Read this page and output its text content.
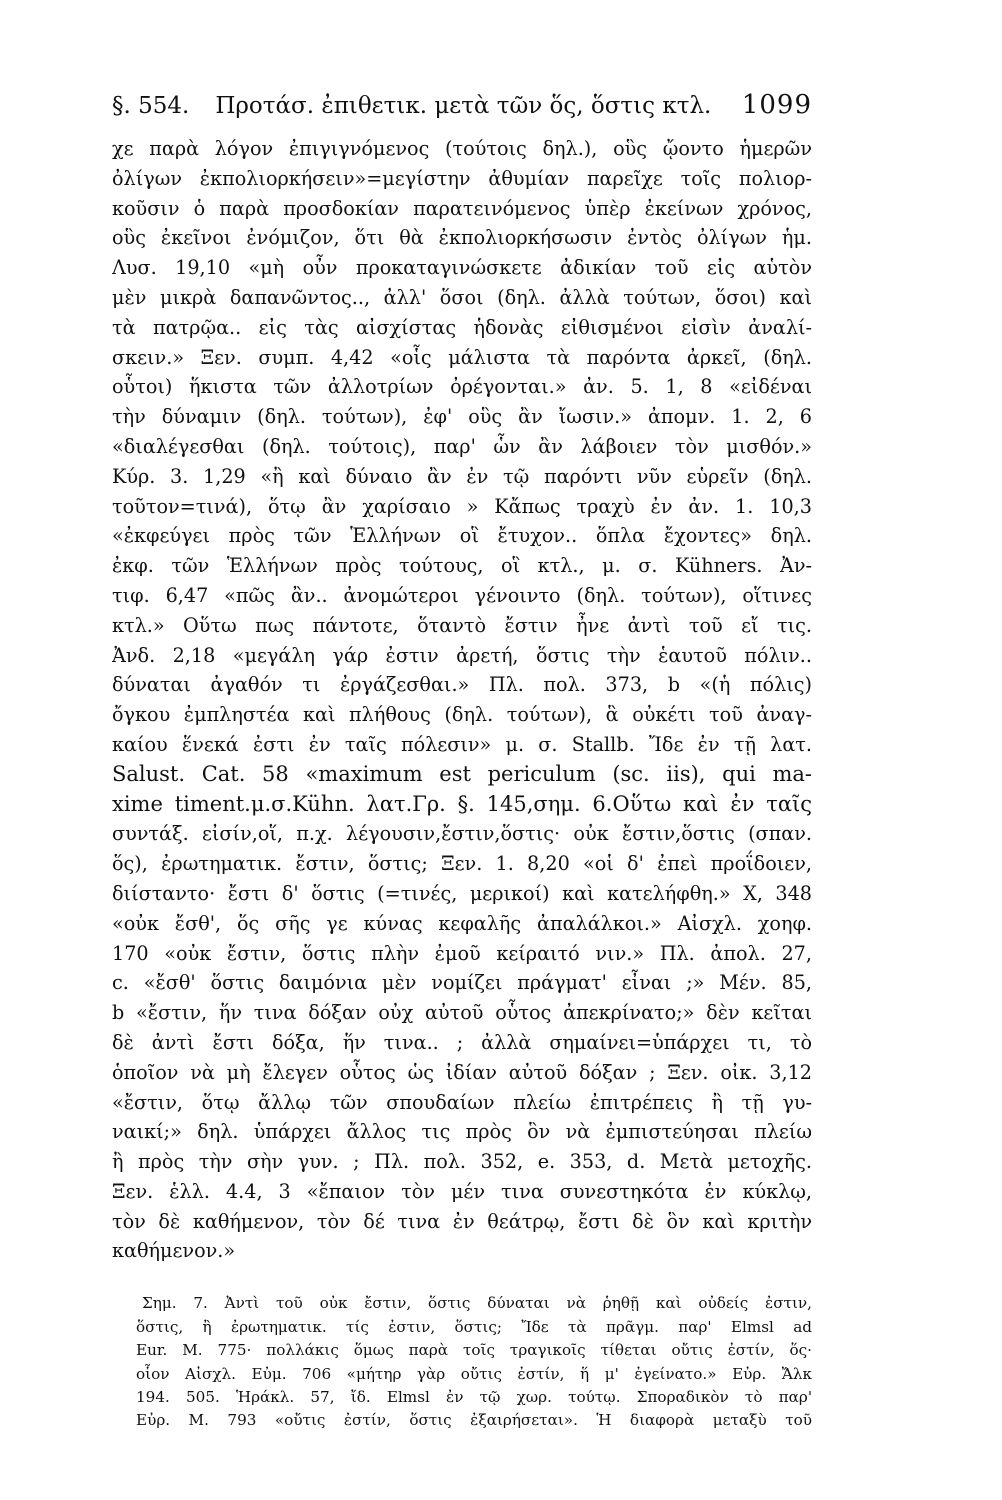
§. 554. Προτάσ. ἐπιθετικ. μετὰ τῶν ὅς, ὅστις κτλ. 1099
χε παρὰ λόγον ἐπιγιγνόμενος (τούτοις δηλ.), οὓς ᾤοντο ἡμερῶν
ὀλίγων ἐκπολιορκήσειν»=μεγίστην ἀθυμίαν παρεῖχε τοῖς πολιορ-
κοῦσιν ὁ παρὰ προσδοκίαν παρατεινόμενος ὑπὲρ ἐκείνων χρόνος,
οὓς ἐκεῖνοι ἐνόμιζον, ὅτι θὰ ἐκπολιορκήσωσιν ἐντὸς ὀλίγων ἡμ.
Λυσ. 19,10 «μὴ οὖν προκαταγινώσκετε ἀδικίαν τοῦ εἰς αὑτὸν
μὲν μικρὰ δαπανῶντος.., ἀλλ' ὅσοι (δηλ. ἀλλὰ τούτων, ὅσοι) καὶ
τὰ πατρῷα.. εἰς τὰς αἰσχίστας ἡδονὰς εἰθισμένοι εἰσὶν ἀναλί-
σκειν.» Ξεν. συμπ. 4,42 «οἷς μάλιστα τὰ παρόντα ἀρκεῖ, (δηλ.
οὗτοι) ἥκιστα τῶν ἀλλοτρίων ὀρέγονται.» ἀν. 5. 1, 8 «εἰδέναι
τὴν δύναμιν (δηλ. τούτων), ἐφ' οὓς ἂν ἴωσιν.» ἀπομν. 1. 2, 6
«διαλέγεσθαι (δηλ. τούτοις), παρ' ὧν ἂν λάβοιεν τὸν μισθόν.»
Κύρ. 3. 1,29 «ἢ καὶ δύναιο ἂν ἐν τῷ παρόντι νῦν εὑρεῖν (δηλ.
τοῦτον=τινά), ὅτῳ ἂν χαρίσαιο » Κἄπως τραχὺ ἐν ἀν. 1. 10,3
«ἐκφεύγει πρὸς τῶν Ἑλλήνων οἳ ἔτυχον.. ὅπλα ἔχοντες» δηλ.
ἐκφ. τῶν Ἑλλήνων πρὸς τούτους, οἳ κτλ., μ. σ. Kühners. Ἀν-
τιφ. 6,47 «πῶς ἂν.. ἀνομώτεροι γένοιντο (δηλ. τούτων), οἵτινες
κτλ.» Οὕτω πως πάντοτε, ὅταντὸ ἔστιν ἦνε ἀντὶ τοῦ εἴ τις.
Ἀνδ. 2,18 «μεγάλη γάρ ἐστιν ἀρετή, ὅστις τὴν ἑαυτοῦ πόλιν..
δύναται ἀγαθόν τι ἐργάζεσθαι.» Πλ. πολ. 373, b «(ἡ πόλις)
ὄγκου ἐμπληστέα καὶ πλήθους (δηλ. τούτων), ἃ οὐκέτι τοῦ ἀναγ-
καίου ἕνεκά ἐστι ἐν ταῖς πόλεσιν» μ. σ. Stallb. Ἴδε ἐν τῇ λατ.
Salust. Cat. 58 «maximum est periculum (sc. iis), qui ma-
xime timent.μ.σ.Kühn. λατ.Γρ. §. 145,σημ. 6.Οὕτω καὶ ἐν ταῖς
συντάξ. εἰσίν,οἵ, π.χ. λέγουσιν,ἔστιν,ὅστις· οὐκ ἔστιν,ὅστις (σπαν.
ὅς), ἐρωτηματικ. ἔστιν, ὅστις; Ξεν. 1. 8,20 «οἱ δ' ἐπεὶ προΐδοιεν,
διίσταντο· ἔστι δ' ὅστις (=τινές, μερικοί) καὶ κατελήφθη.» Χ, 348
«οὐκ ἔσθ', ὅς σῆς γε κύνας κεφαλῆς ἀπαλάλκοι.» Αἰσχλ. χοηφ.
170 «οὐκ ἔστιν, ὅστις πλὴν ἐμοῦ κείραιτό νιν.» Πλ. ἀπολ. 27,
c. «ἔσθ' ὅστις δαιμόνια μὲν νομίζει πράγματ' εἶναι ;» Μέν. 85,
b «ἔστιν, ἥν τινα δόξαν οὐχ αὐτοῦ οὗτος ἀπεκρίνατο;» δὲν κεῖται
δὲ ἀντὶ ἔστι δόξα, ἥν τινα.. ; ἀλλὰ σημαίνει=ὑπάρχει τι, τὸ
ὁποῖον νὰ μὴ ἔλεγεν οὗτος ὡς ἰδίαν αὐτοῦ δόξαν ; Ξεν. οἰκ. 3,12
«ἔστιν, ὅτῳ ἄλλῳ τῶν σπουδαίων πλείω ἐπιτρέπεις ἢ τῇ γυ-
ναικί;» δηλ. ὑπάρχει ἄλλος τις πρὸς ὃν νὰ ἐμπιστεύησαι πλείω
ἢ πρὸς τὴν σὴν γυν. ; Πλ. πολ. 352, e. 353, d. Μετὰ μετοχῆς.
Ξεν. ἑλλ. 4.4, 3 «ἔπαιον τὸν μέν τινα συνεστηκότα ἐν κύκλῳ,
τὸν δὲ καθήμενον, τὸν δέ τινα ἐν θεάτρῳ, ἔστι δὲ ὃν καὶ κριτὴν
καθήμενον.»
Σημ. 7. Ἀντὶ τοῦ οὐκ ἔστιν, ὅστις δύναται νὰ ῥηθῇ καὶ οὐδείς ἐστιν,
ὅστις, ἢ ἐρωτηματικ. τίς ἐστιν, ὅστις; Ἴδε τὰ πρᾶγμ. παρ' Elmsl ad
Eur. M. 775· πολλάκις ὅμως παρὰ τοῖς τραγικοῖς τίθεται οὔτις ἐστίν, ὅς·
οἷον Αἰσχλ. Εὐμ. 706 «μήτηρ γὰρ οὔτις ἐστίν, ἥ μ' ἐγείνατο.» Εὐρ. Ἄλκ
194. 505. Ἡράκλ. 57, ἴδ. Elmsl ἐν τῷ χωρ. τούτῳ. Σποραδικὸν τὸ παρ'
Εὐρ. Μ. 793 «οὔτις ἐστίν, ὅστις ἐξαιρήσεται». Ἡ διαφορὰ μεταξὺ τοῦ
